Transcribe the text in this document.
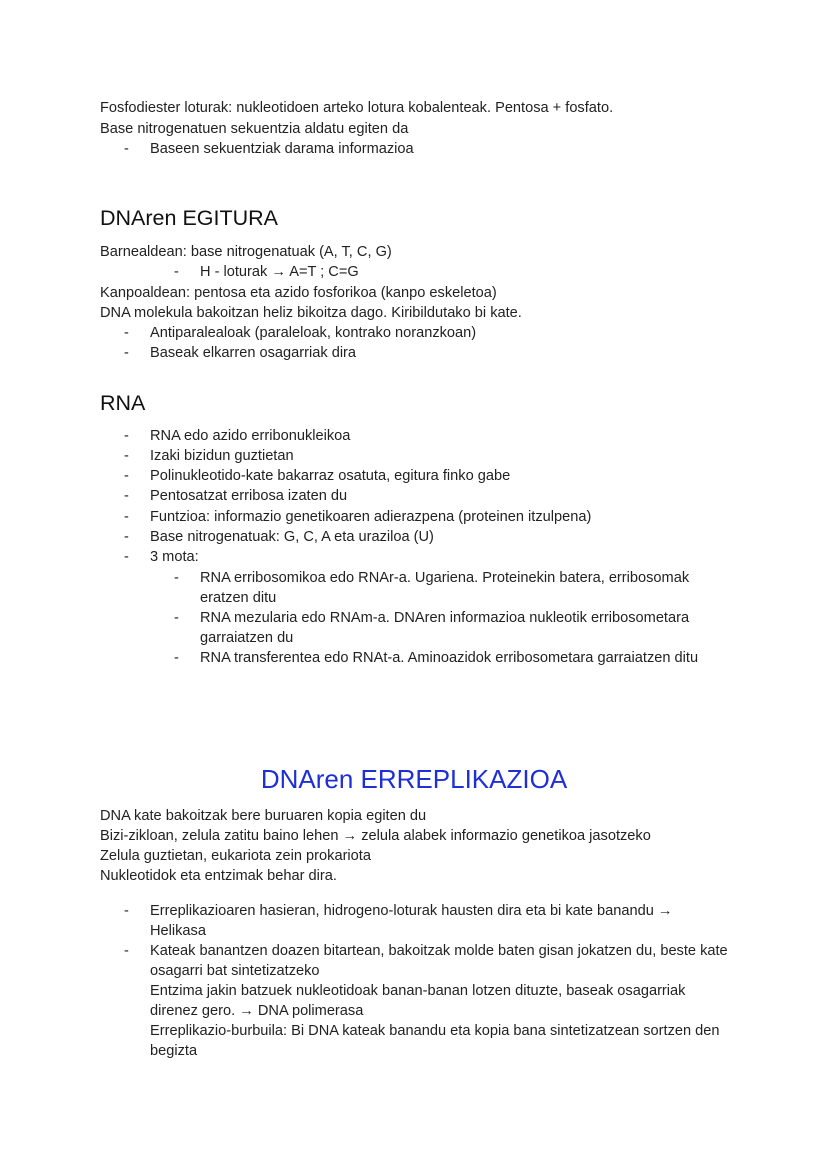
Fosfodiester loturak: nukleotidoen arteko lotura kobalenteak. Pentosa + fosfato.
Base nitrogenatuen sekuentzia aldatu egiten da
- Baseen sekuentziak darama informazioa
DNAren EGITURA
Barnealdean: base nitrogenatuak (A, T, C, G)
- H - loturak → A=T ; C=G
Kanpoaldean: pentosa eta azido fosforikoa (kanpo eskeletoa)
DNA molekula bakoitzan heliz bikoitza dago. Kiribildutako bi kate.
- Antiparalealoak (paraleloak, kontrako noranzkoan)
- Baseak elkarren osagarriak dira
RNA
- RNA edo azido erribonukleikoa
- Izaki bizidun guztietan
- Polinukleotido-kate bakarraz osatuta, egitura finko gabe
- Pentosatzat erribosa izaten du
- Funtzioa: informazio genetikoaren adierazpena (proteinen itzulpena)
- Base nitrogenatuak: G, C, A eta uraziloa (U)
- 3 mota:
- RNA erribosomikoa edo RNAr-a. Ugariena. Proteinekin batera, erribosomak eratzen ditu
- RNA mezularia edo RNAm-a. DNAren informazioa nukleotik erribosometara garraiatzen du
- RNA transferentea edo RNAt-a. Aminoazidok erribosometara garraiatzen ditu
DNAren ERREPLIKAZIOA
DNA kate bakoitzak bere buruaren kopia egiten du
Bizi-zikloan, zelula zatitu baino lehen → zelula alabek informazio genetikoa jasotzeko
Zelula guztietan, eukariota zein prokariota
Nukleotidok eta entzimak behar dira.
- Erreplikazioaren hasieran, hidrogeno-loturak hausten dira eta bi kate banandu → Helikasa
- Kateak banantzen doazen bitartean, bakoitzak molde baten gisan jokatzen du, beste kate osagarri bat sintetizatzeko
Entzima jakin batzuek nukleotidoak banan-banan lotzen dituzte, baseak osagarriak direnez gero. → DNA polimerasa
Erreplikazio-burbuila: Bi DNA kateak banandu eta kopia bana sintetizatzean sortzen den begizta
